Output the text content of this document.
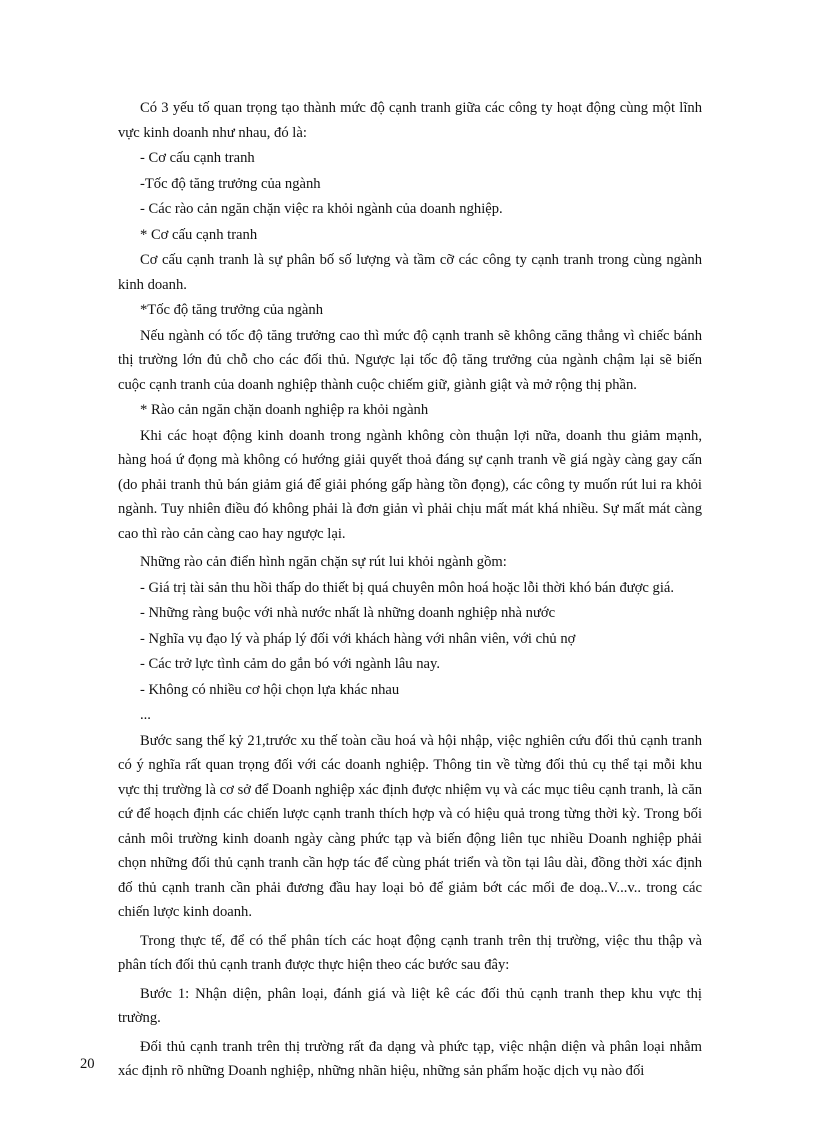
Có 3 yếu tố quan trọng tạo thành mức độ cạnh tranh giữa các công ty hoạt động cùng một lĩnh vực kinh doanh như nhau, đó là:

- Cơ cấu cạnh tranh

-Tốc độ tăng trưởng của ngành

- Các rào cản ngăn chặn việc ra khỏi ngành của doanh nghiệp.

* Cơ cấu cạnh tranh

Cơ cấu cạnh tranh là sự phân bố số lượng và tầm cỡ các công ty cạnh tranh trong cùng ngành kinh doanh.

*Tốc độ tăng trưởng của ngành

Nếu ngành có tốc độ tăng trưởng cao thì mức độ cạnh tranh sẽ không căng thẳng vì chiếc bánh thị trường lớn đủ chỗ cho các đối thủ. Ngược lại tốc độ tăng trưởng của ngành chậm lại sẽ biến cuộc cạnh tranh của doanh nghiệp thành cuộc chiếm giữ, giành giật và mở rộng thị phần.

* Rào cản ngăn chặn doanh nghiệp ra khỏi ngành

Khi các hoạt động kinh doanh trong ngành không còn thuận lợi nữa, doanh thu giảm mạnh, hàng hoá ứ đọng mà không có hướng giải quyết thoả đáng sự cạnh tranh về giá ngày càng gay cấn (do phải tranh thủ bán giảm giá để giải phóng gấp hàng tồn đọng), các công ty muốn rút lui ra khỏi ngành. Tuy nhiên điều đó không phải là đơn giản vì phải chịu mất mát khá nhiều. Sự mất mát càng cao thì rào cản càng cao hay ngược lại.

Những rào cản điển hình ngăn chặn sự rút lui khỏi ngành gồm:

- Giá trị tài sản thu hồi thấp do thiết bị quá chuyên môn hoá hoặc lỗi thời khó bán được giá.

- Những ràng buộc với nhà nước nhất là những doanh nghiệp nhà nước

- Nghĩa vụ đạo lý và pháp lý đối với khách hàng với nhân viên, với chủ nợ

- Các trở lực tình cảm do gắn bó với ngành lâu nay.

- Không có nhiều cơ hội chọn lựa khác nhau

...

Bước sang thế kỷ 21,trước xu thế toàn cầu hoá và hội nhập, việc nghiên cứu đối thủ cạnh tranh có ý nghĩa rất quan trọng đối với các doanh nghiệp. Thông tin về từng đối thủ cụ thể tại mỗi khu vực thị trường là cơ sở để Doanh nghiệp xác định được nhiệm vụ và các mục tiêu cạnh tranh, là căn cứ để hoạch định các chiến lược cạnh tranh thích hợp và có hiệu quả trong từng thời kỳ. Trong bối cảnh môi trường kinh doanh ngày càng phức tạp và biến động liên tục nhiều Doanh nghiệp phải chọn những đối thủ cạnh tranh cần hợp tác để cùng phát triển và tồn tại lâu dài, đồng thời xác định đố thủ cạnh tranh cần phải đương đầu hay loại bỏ để giảm bớt các mối đe doạ..V...v.. trong các chiến lược kinh doanh.

Trong thực tế, để có thể phân tích các hoạt động cạnh tranh trên thị trường, việc thu thập và phân tích đối thủ cạnh tranh được thực hiện theo các bước sau đây:

Bước 1: Nhận diện, phân loại, đánh giá và liệt kê các đối thủ cạnh tranh thep khu vực thị trường.

Đối thủ cạnh tranh trên thị trường rất đa dạng và phức tạp, việc nhận diện và phân loại nhằm xác định rõ những Doanh nghiệp, những nhãn hiệu, những sản phẩm hoặc dịch vụ nào đối

20
